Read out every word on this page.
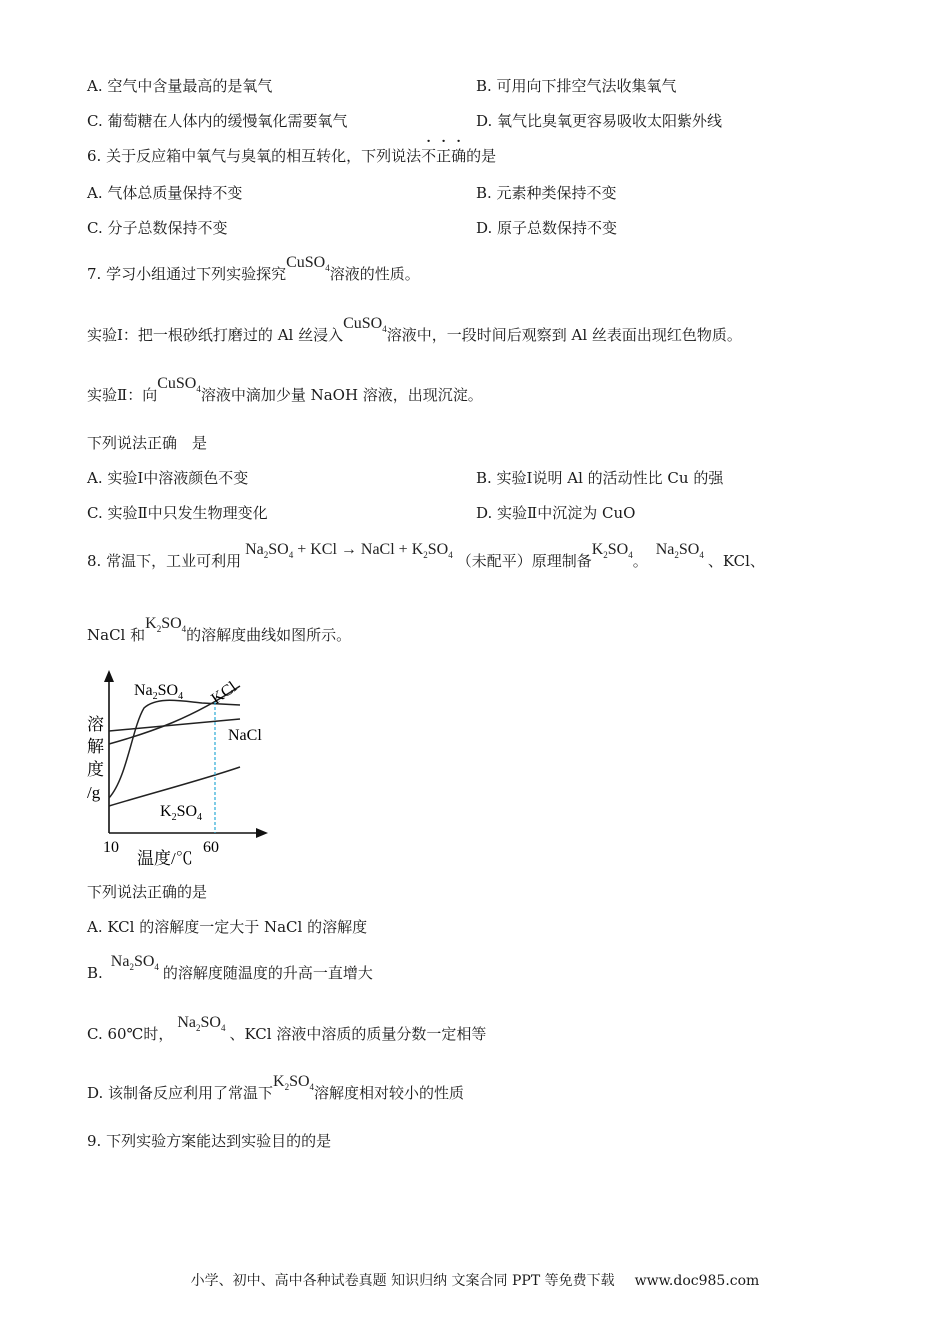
A. 空气中含量最高的是氧气	B. 可用向下排空气法收集氧气
C. 葡萄糖在人体内的缓慢氧化需要氧气	D. 氧气比臭氧更容易吸收太阳紫外线
6. 关于反应箱中氧气与臭氧的相互转化，下列说法不正确的是
A. 气体总质量保持不变	B. 元素种类保持不变
C. 分子总数保持不变	D. 原子总数保持不变
7. 学习小组通过下列实验探究CuSO$_4$溶液的性质。
实验Ⅰ：把一根砂纸打磨过的 Al 丝浸入CuSO$_4$溶液中，一段时间后观察到 Al 丝表面出现红色物质。
实验Ⅱ：向CuSO$_4$溶液中滴加少量 NaOH 溶液，出现沉淀。
下列说法正确　是
A. 实验Ⅰ中溶液颜色不变	B. 实验Ⅰ说明 Al 的活动性比 Cu 的强
C. 实验Ⅱ中只发生物理变化	D. 实验Ⅱ中沉淀为 CuO
8. 常温下，工业可利用 $Na_2SO_4$ + KCl → NaCl + $K_2SO_4$ （未配平）原理制备$K_2SO_4$。  $Na_2SO_4$ 、KCl、
NaCl 和$K_2SO_4$的溶解度曲线如图所示。
$Na_2SO_4$ KCl
NaCl
$K_2SO_4$
溶
解
度
/g
10	60
温度/℃
下列说法正确的是
A. KCl 的溶解度一定大于 NaCl 的溶解度
B.  $Na_2SO_4$ 的溶解度随温度的升高一直增大
C. 60℃时， $Na_2SO_4$ 、KCl 溶液中溶质的质量分数一定相等
D. 该制备反应利用了常温下$K_2SO_4$溶解度相对较小的性质
9. 下列实验方案能达到实验目的的是
小学、初中、高中各种试卷真题 知识归纳 文案合同 PPT 等免费下载 www.doc985.com
